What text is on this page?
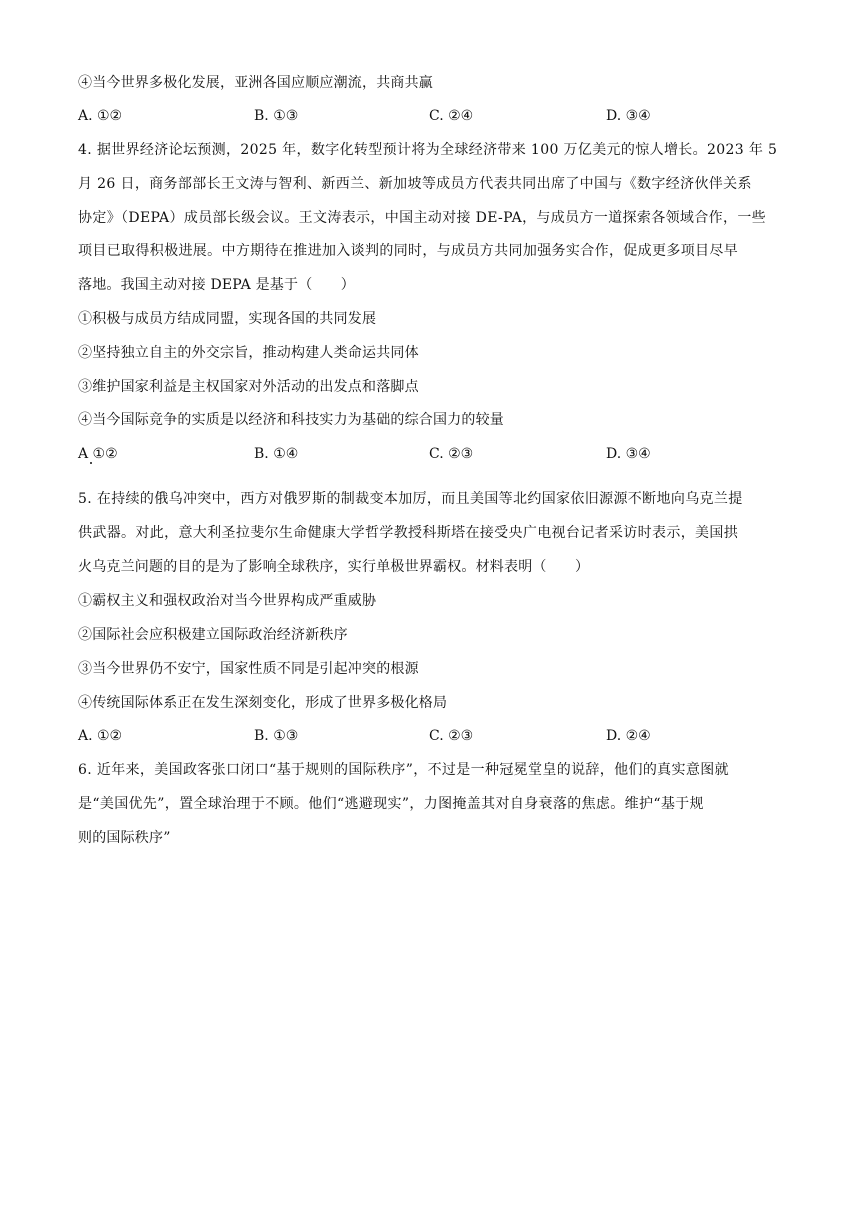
④当今世界多极化发展，亚洲各国应顺应潮流，共商共赢
A. ①②	B. ①③	C. ②④	D. ③④
4. 据世界经济论坛预测，2025 年，数字化转型预计将为全球经济带来 100 万亿美元的惊人增长。2023 年 5
月 26 日，商务部部长王文涛与智利、新西兰、新加坡等成员方代表共同出席了中国与《数字经济伙伴关系
协定》（DEPA）成员部长级会议。王文涛表示，中国主动对接 DE-PA，与成员方一道探索各领域合作，一些
项目已取得积极进展。中方期待在推进加入谈判的同时，与成员方共同加强务实合作，促成更多项目尽早
落地。我国主动对接 DEPA 是基于（　　）
①积极与成员方结成同盟，实现各国的共同发展
②坚持独立自主的外交宗旨，推动构建人类命运共同体
③维护国家利益是主权国家对外活动的出发点和落脚点
④当今国际竞争的实质是以经济和科技实力为基础的综合国力的较量
A ①②	B. ①④	C. ②③	D. ③④
5. 在持续的俄乌冲突中，西方对俄罗斯的制裁变本加厉，而且美国等北约国家依旧源源不断地向乌克兰提
供武器。对此，意大利圣拉斐尔生命健康大学哲学教授科斯塔在接受央广电视台记者采访时表示，美国拱
火乌克兰问题的目的是为了影响全球秩序，实行单极世界霸权。材料表明（　　）
①霸权主义和强权政治对当今世界构成严重威胁
②国际社会应积极建立国际政治经济新秩序
③当今世界仍不安宁，国家性质不同是引起冲突的根源
④传统国际体系正在发生深刻变化，形成了世界多极化格局
A. ①②	B. ①③	C. ②③	D. ②④
6. 近年来，美国政客张口闭口“基于规则的国际秩序”，不过是一种冠冕堂皇的说辞，他们的真实意图就
是“美国优先”，置全球治理于不顾。他们“逃避现实”，力图掩盖其对自身衰落的焦虑。维护“基于规
则的国际秩序”
